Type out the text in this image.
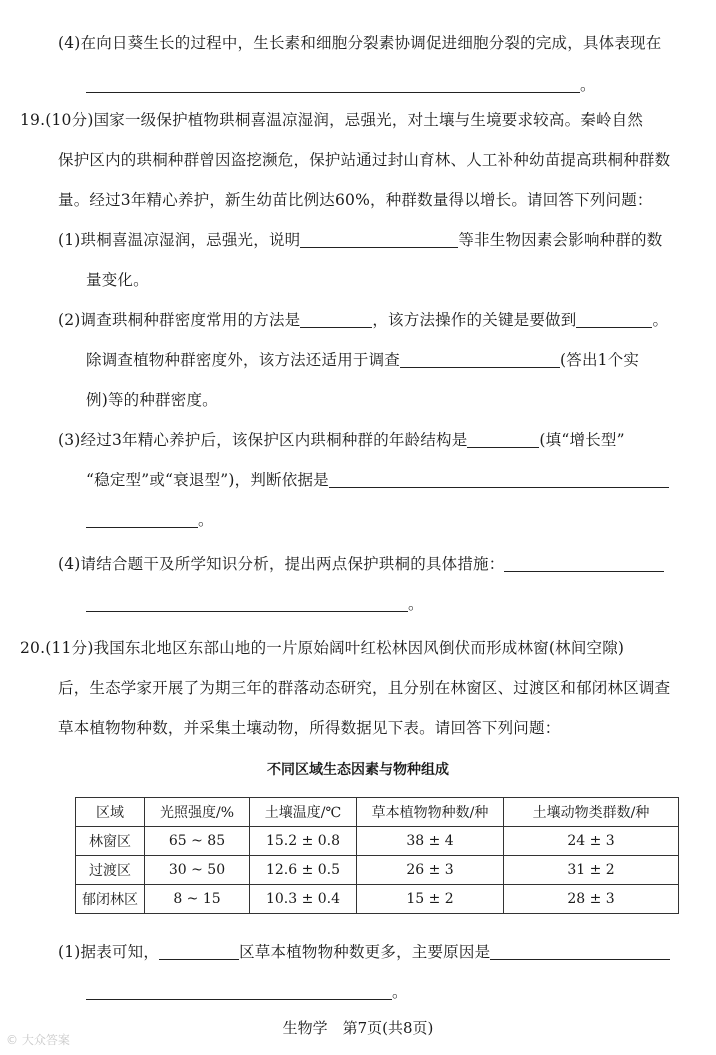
(4)在向日葵生长的过程中，生长素和细胞分裂素协调促进细胞分裂的完成，具体表现在
。
19.(10分)国家一级保护植物珙桐喜温凉湿润，忌强光，对土壤与生境要求较高。秦岭自然
保护区内的珙桐种群曾因盗挖濒危，保护站通过封山育林、人工补种幼苗提高珙桐种群数
量。经过3年精心养护，新生幼苗比例达60%，种群数量得以增长。请回答下列问题：
(1)珙桐喜温凉湿润，忌强光，说明	等非生物因素会影响种群的数
量变化。
(2)调查珙桐种群密度常用的方法是	，该方法操作的关键是要做到	。
除调查植物种群密度外，该方法还适用于调查	(答出1个实
例)等的种群密度。
(3)经过3年精心养护后，该保护区内珙桐种群的年龄结构是	(填“增长型”
“稳定型”或“衰退型”)，判断依据是
。
(4)请结合题干及所学知识分析，提出两点保护珙桐的具体措施：
。
20.(11分)我国东北地区东部山地的一片原始阔叶红松林因风倒伏而形成林窗(林间空隙)
后，生态学家开展了为期三年的群落动态研究，且分别在林窗区、过渡区和郁闭林区调查
草本植物物种数，并采集土壤动物，所得数据见下表。请回答下列问题：
不同区域生态因素与物种组成
区域	光照强度/%	土壤温度/℃	草本植物物种数/种	土壤动物类群数/种
林窗区	65 ~ 85	15.2 ± 0.8	38 ± 4	24 ± 3
过渡区	30 ~ 50	12.6 ± 0.5	26 ± 3	31 ± 2
郁闭林区	8 ~ 15	10.3 ± 0.4	15 ± 2	28 ± 3
(1)据表可知，	区草本植物物种数更多，主要原因是
。
生物学　第7页(共8页)
© 大众答案
